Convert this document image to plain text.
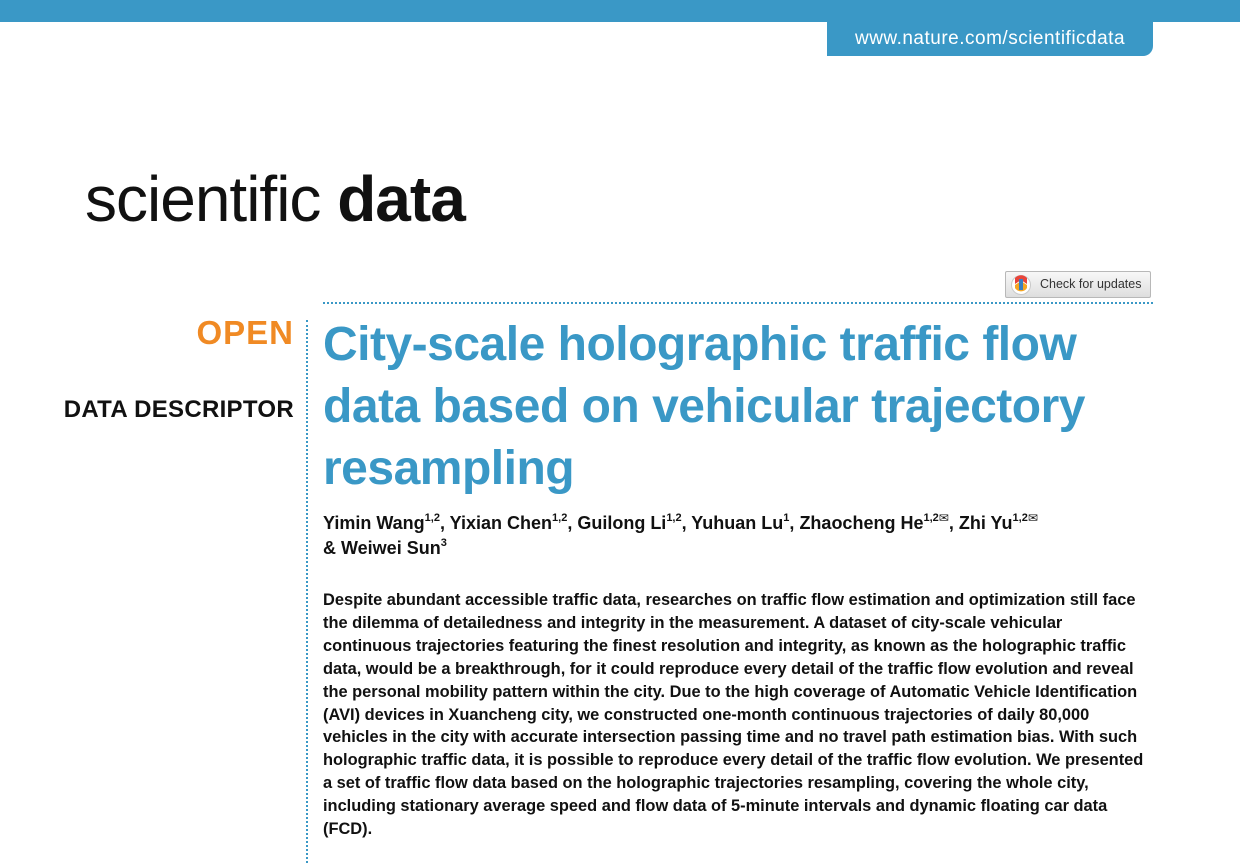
www.nature.com/scientificdata
scientific data
Check for updates
OPEN
DATA DESCRIPTOR
City-scale holographic traffic flow data based on vehicular trajectory resampling
Yimin Wang$^{1,2}$, Yixian Chen$^{1,2}$, Guilong Li$^{1,2}$, Yuhuan Lu$^1$, Zhaocheng $He^{1,2✉}$, Zhi $Yu^{1,2✉}$
& Weiwei Sun$^3$

Despite abundant accessible traffic data, researches on traffic flow estimation and optimization still face the dilemma of detailedness and integrity in the measurement. A dataset of city-scale vehicular continuous trajectories featuring the finest resolution and integrity, as known as the holographic traffic data, would be a breakthrough, for it could reproduce every detail of the traffic flow evolution and reveal the personal mobility pattern within the city. Due to the high coverage of Automatic Vehicle Identification (AVI) devices in Xuancheng city, we constructed one-month continuous trajectories of daily 80,000 vehicles in the city with accurate intersection passing time and no travel path estimation bias. With such holographic traffic data, it is possible to reproduce every detail of the traffic flow evolution. We presented a set of traffic flow data based on the holographic trajectories resampling, covering the whole city, including stationary average speed and flow data of 5-minute intervals and dynamic floating car data (FCD).
